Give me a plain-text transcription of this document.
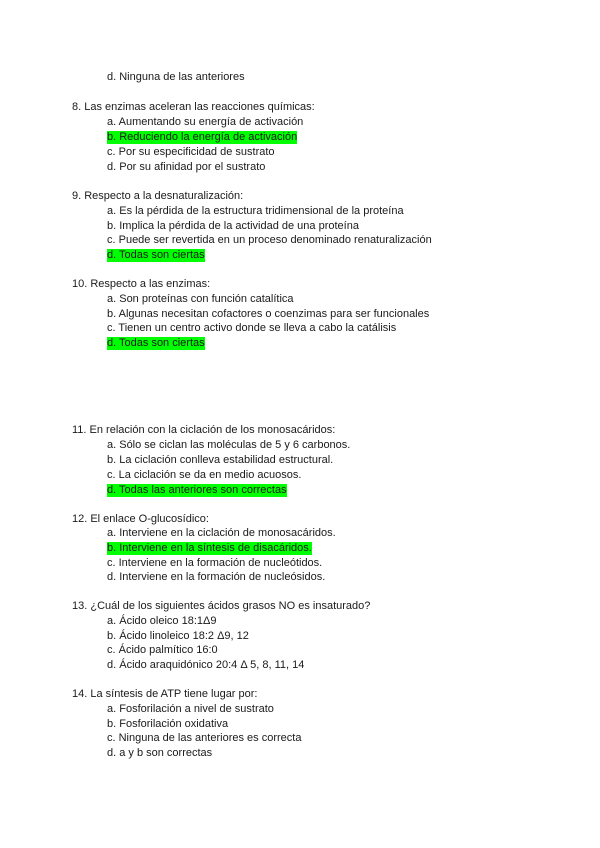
d. Ninguna de las anteriores
8. Las enzimas aceleran las reacciones químicas:
a. Aumentando su energía de activación
b. Reduciendo la energía de activación
c. Por su especificidad de sustrato
d. Por su afinidad por el sustrato
9. Respecto a la desnaturalización:
a. Es la pérdida de la estructura tridimensional de la proteína
b. Implica la pérdida de la actividad de una proteína
c. Puede ser revertida en un proceso denominado renaturalización
d. Todas son ciertas
10. Respecto a las enzimas:
a. Son proteínas con función catalítica
b. Algunas necesitan cofactores o coenzimas para ser funcionales
c. Tienen un centro activo donde se lleva a cabo la catálisis
d. Todas son ciertas
11. En relación con la ciclación de los monosacáridos:
a. Sólo se ciclan las moléculas de 5 y 6 carbonos.
b. La ciclación conlleva estabilidad estructural.
c. La ciclación se da en medio acuosos.
d. Todas las anteriores son correctas
12. El enlace O-glucosídico:
a. Interviene en la ciclación de monosacáridos.
b. Interviene en la síntesis de disacáridos.
c. Interviene en la formación de nucleótidos.
d. Interviene en la formación de nucleósidos.
13. ¿Cuál de los siguientes ácidos grasos NO es insaturado?
a. Ácido oleico 18:1Δ9
b. Ácido linoleico 18:2 Δ9, 12
c. Ácido palmítico 16:0
d. Ácido araquidónico 20:4 Δ 5, 8, 11, 14
14. La síntesis de ATP tiene lugar por:
a. Fosforilación a nivel de sustrato
b. Fosforilación oxidativa
c. Ninguna de las anteriores es correcta
d. a y b son correctas
